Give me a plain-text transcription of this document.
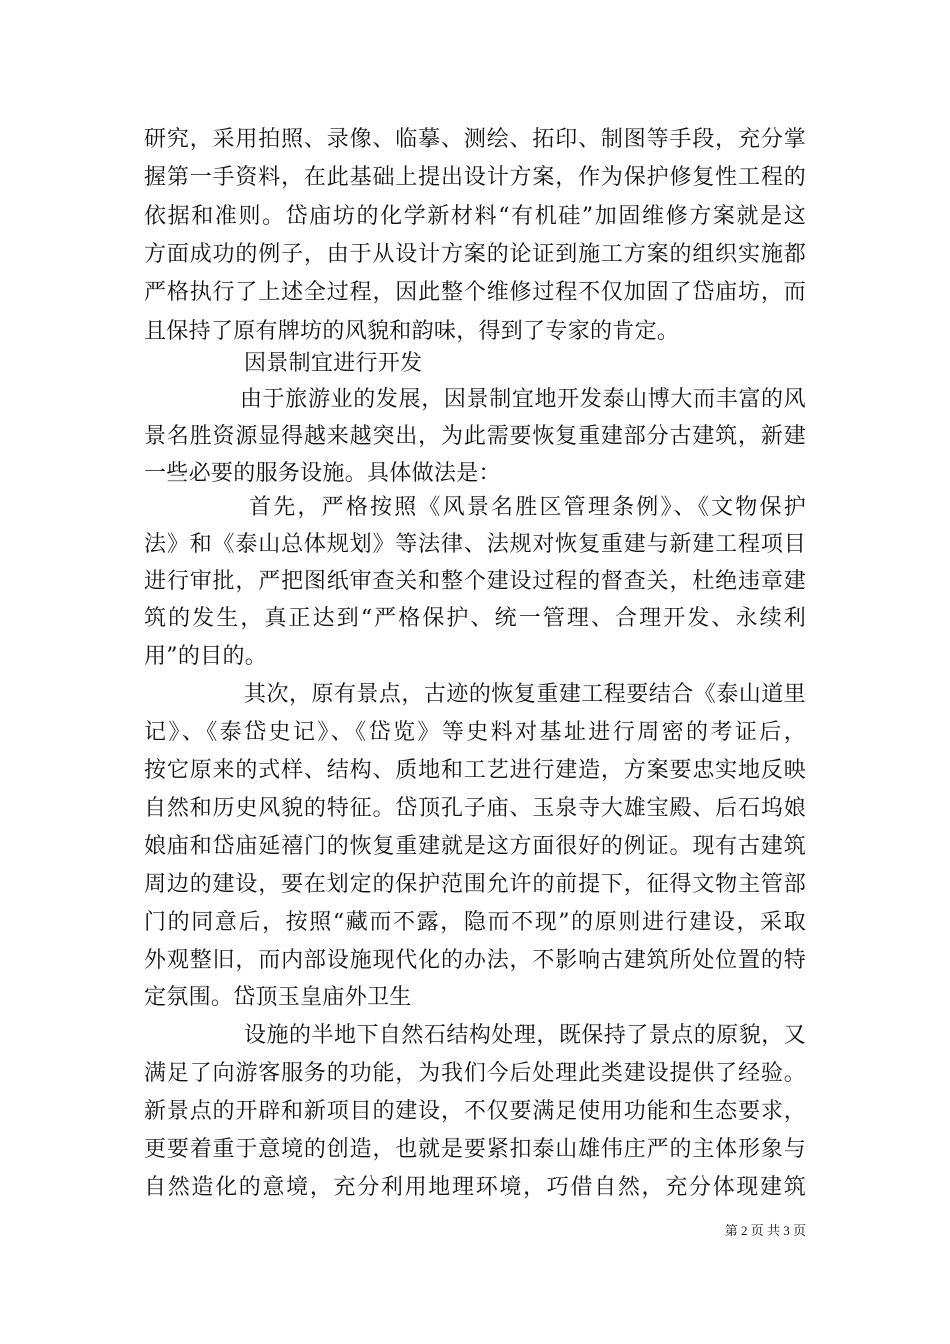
研究，采用拍照、录像、临摹、测绘、拓印、制图等手段，充分掌
握第一手资料，在此基础上提出设计方案，作为保护修复性工程的
依据和准则。岱庙坊的化学新材料“有机硅”加固维修方案就是这
方面成功的例子，由于从设计方案的论证到施工方案的组织实施都
严格执行了上述全过程，因此整个维修过程不仅加固了岱庙坊，而
且保持了原有牌坊的风貌和韵味，得到了专家的肯定。
因景制宜进行开发
由于旅游业的发展，因景制宜地开发泰山博大而丰富的风
景名胜资源显得越来越突出，为此需要恢复重建部分古建筑，新建
一些必要的服务设施。具体做法是：
首先，严格按照《风景名胜区管理条例》、《文物保护
法》和《泰山总体规划》等法律、法规对恢复重建与新建工程项目
进行审批，严把图纸审查关和整个建设过程的督查关，杜绝违章建
筑的发生，真正达到“严格保护、统一管理、合理开发、永续利
用”的目的。
其次，原有景点，古迹的恢复重建工程要结合《泰山道里
记》、《泰岱史记》、《岱览》等史料对基址进行周密的考证后，
按它原来的式样、结构、质地和工艺进行建造，方案要忠实地反映
自然和历史风貌的特征。岱顶孔子庙、玉泉寺大雄宝殿、后石坞娘
娘庙和岱庙延禧门的恢复重建就是这方面很好的例证。现有古建筑
周边的建设，要在划定的保护范围允许的前提下，征得文物主管部
门的同意后，按照“藏而不露，隐而不现”的原则进行建设，采取
外观整旧，而内部设施现代化的办法，不影响古建筑所处位置的特
定氛围。岱顶玉皇庙外卫生
设施的半地下自然石结构处理，既保持了景点的原貌，又
满足了向游客服务的功能，为我们今后处理此类建设提供了经验。
新景点的开辟和新项目的建设，不仅要满足使用功能和生态要求，
更要着重于意境的创造，也就是要紧扣泰山雄伟庄严的主体形象与
自然造化的意境，充分利用地理环境，巧借自然，充分体现建筑
第 2 页 共 3 页
